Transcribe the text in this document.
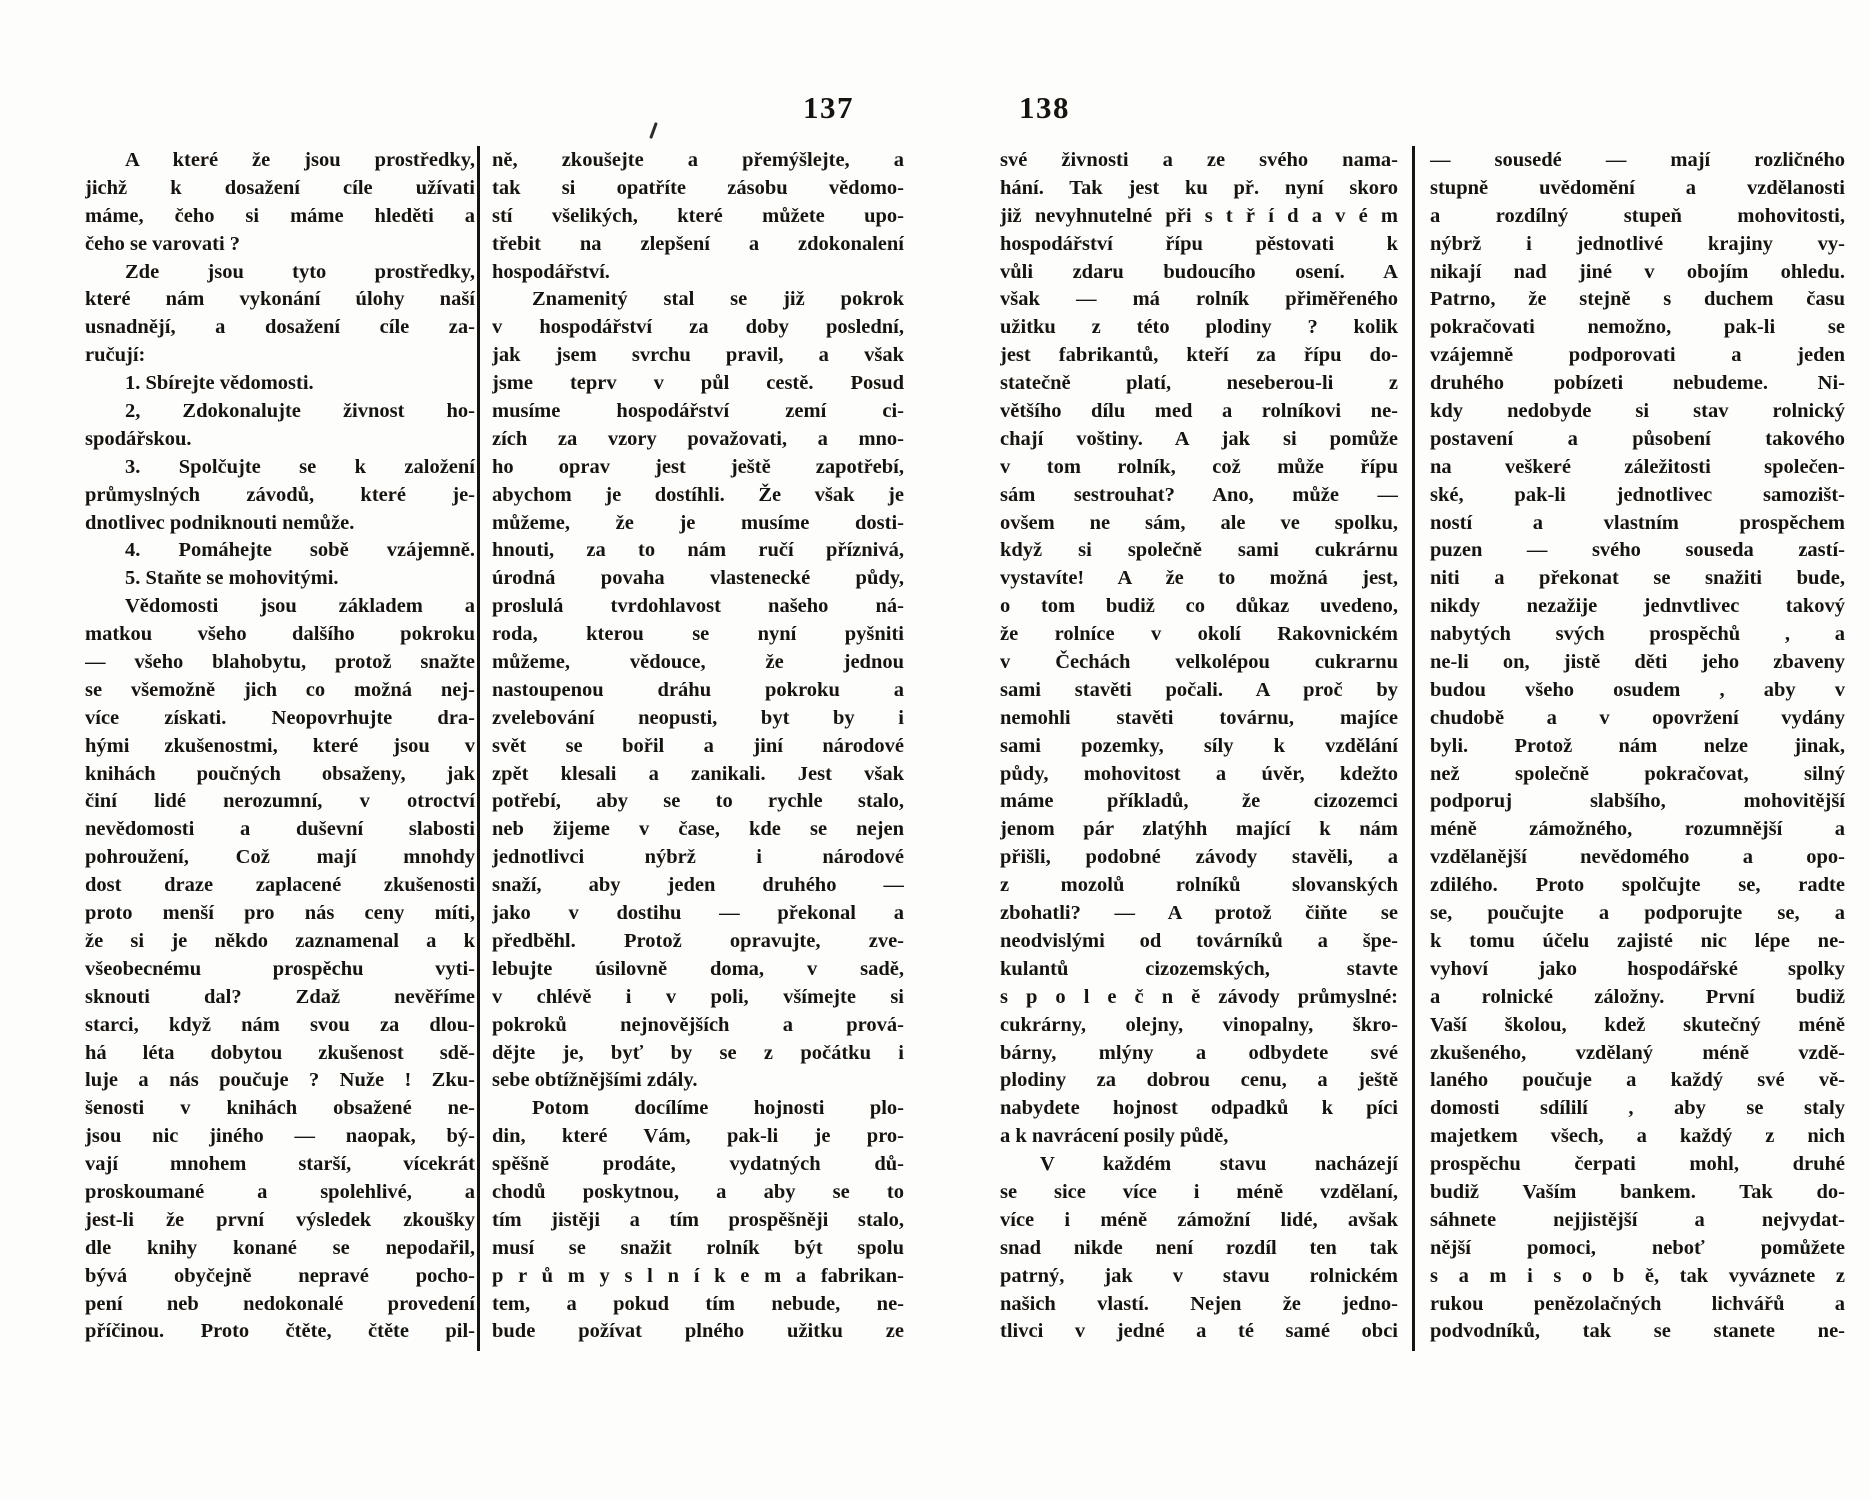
137	138
A které že jsou prostředky,
jichž k dosažení cíle užívati
máme, čeho si máme hleděti a
čeho se varovati ?
Zde jsou tyto prostředky,
které nám vykonání úlohy naší
usnadnějí, a dosažení cíle za-
ručují:
1. Sbírejte vědomosti.
2, Zdokonalujte živnost ho-
spodářskou.
3. Spolčujte se k založení
průmyslných závodů, které je-
dnotlivec podniknouti nemůže.
4. Pomáhejte sobě vzájemně.
5. Staňte se mohovitými.
Vědomosti jsou základem a
matkou všeho dalšího pokroku
— všeho blahobytu, protož snažte
se všemožně jich co možná nej-
více získati. Neopovrhujte dra-
hými zkušenostmi, které jsou v
knihách poučných obsaženy, jak
činí lidé nerozumní, v otroctví
nevědomosti a duševní slabosti
pohroužení, Což mají mnohdy
dost draze zaplacené zkušenosti
proto menší pro nás ceny míti,
že si je někdo zaznamenal a k
všeobecnému prospěchu vyti-
sknouti dal? Zdaž nevěříme
starci, když nám svou za dlou-
há léta dobytou zkušenost sdě-
luje a nás poučuje ? Nuže ! Zku-
šenosti v knihách obsažené ne-
jsou nic jiného — naopak, bý-
vají mnohem starší, vícekrát
proskoumané a spolehlivé, a
jest-li že první výsledek zkoušky
dle knihy konané se nepodařil,
bývá obyčejně nepravé pocho-
pení neb nedokonalé provedení
příčinou. Proto čtěte, čtěte pil-
ně, zkoušejte a přemýšlejte, a
tak si opatříte zásobu vědomo-
stí všelikých, které můžete upo-
třebit na zlepšení a zdokonalení
hospodářství.
Znamenitý stal se již pokrok
v hospodářství za doby poslední,
jak jsem svrchu pravil, a však
jsme teprv v půl cestě. Posud
musíme hospodářství zemí ci-
zích za vzory považovati, a mno-
ho oprav jest ještě zapotřebí,
abychom je dostíhli. Že však je
můžeme, že je musíme dosti-
hnouti, za to nám ručí příznivá,
úrodná povaha vlastenecké půdy,
proslulá tvrdohlavost našeho ná-
roda, kterou se nyní pyšniti
můžeme, vědouce, že jednou
nastoupenou dráhu pokroku a
zvelebování neopusti, byt by i
svět se bořil a jiní národové
zpět klesali a zanikali. Jest však
potřebí, aby se to rychle stalo,
neb žijeme v čase, kde se nejen
jednotlivci nýbrž i národové
snaží, aby jeden druhého —
jako v dostihu — překonal a
předběhl. Protož opravujte, zve-
lebujte úsilovně doma, v sadě,
v chlévě i v poli, všímejte si
pokroků nejnovějších a prová-
dějte je, byť by se z počátku i
sebe obtížnějšími zdály.
Potom docílíme hojnosti plo-
din, které Vám, pak-li je pro-
spěšně prodáte, vydatných dů-
chodů poskytnou, a aby se to
tím jistěji a tím prospěšněji stalo,
musí se snažit rolník být spolu
p r ů m y s l n í k e m a fabrikan-
tem, a pokud tím nebude, ne-
bude požívat plného užitku ze
své živnosti a ze svého nama-
hání. Tak jest ku př. nyní skoro
již nevyhnutelné při s t ř í d a v é m
hospodářství řípu pěstovati k
vůli zdaru budoucího osení. A
však — má rolník přiměřeného
užitku z této plodiny ? kolik
jest fabrikantů, kteří za řípu do-
statečně platí, neseberou-li z
většího dílu med a rolníkovi ne-
chají voštiny. A jak si pomůže
v tom rolník, což může řípu
sám sestrouhat? Ano, může —
ovšem ne sám, ale ve spolku,
když si společně sami cukrárnu
vystavíte! A že to možná jest,
o tom budiž co důkaz uvedeno,
že rolníce v okolí Rakovnickém
v Čechách velkolépou cukrarnu
sami stavěti počali. A proč by
nemohli stavěti továrnu, majíce
sami pozemky, síly k vzdělání
půdy, mohovitost a úvěr, kdežto
máme příkladů, že cizozemci
jenom pár zlatýhh mající k nám
přišli, podobné závody stavěli, a
z mozolů rolníků slovanských
zbohatli? — A protož čiňte se
neodvislými od továrníků a špe-
kulantů cizozemských, stavte
s p o l e č n ě závody průmyslné:
cukrárny, olejny, vinopalny, škro-
bárny, mlýny a odbydete své
plodiny za dobrou cenu, a ještě
nabydete hojnost odpadků k píci
a k navrácení posily půdě,
V každém stavu nacházejí
se sice více i méně vzdělaní,
více i méně zámožní lidé, avšak
snad nikde není rozdíl ten tak
patrný, jak v stavu rolnickém
našich vlastí. Nejen že jedno-
tlivci v jedné a té samé obci
— sousedé — mají rozličného
stupně uvědomění a vzdělanosti
a rozdílný stupeň mohovitosti,
nýbrž i jednotlivé krajiny vy-
nikají nad jiné v obojím ohledu.
Patrno, že stejně s duchem času
pokračovati nemožno, pak-li se
vzájemně podporovati a jeden
druhého pobízeti nebudeme. Ni-
kdy nedobyde si stav rolnický
postavení a působení takového
na veškeré záležitosti společen-
ské, pak-li jednotlivec samozišt-
ností a vlastním prospěchem
puzen — svého souseda zastí-
niti a překonat se snažiti bude,
nikdy nezažije jednvtlivec takový
nabytých svých prospěchů , a
ne-li on, jistě děti jeho zbaveny
budou všeho osudem , aby v
chudobě a v opovržení vydány
byli. Protož nám nelze jinak,
než společně pokračovat, silný
podporuj slabšího, mohovitější
méně zámožného, rozumnější a
vzdělanější nevědomého a opo-
zdilého. Proto spolčujte se, radte
se, poučujte a podporujte se, a
k tomu účelu zajisté nic lépe ne-
vyhoví jako hospodářské spolky
a rolnické záložny. První budiž
Vaší školou, kdež skutečný méně
zkušeného, vzdělaný méně vzdě-
laného poučuje a každý své vě-
domosti sdílilí , aby se staly
majetkem všech, a každý z nich
prospěchu čerpati mohl, druhé
budiž Vaším bankem. Tak do-
sáhnete nejjistější a nejvydat-
nější pomoci, neboť pomůžete
s a m i s o b ě, tak vyváznete z
rukou penězolačných lichvářů a
podvodníků, tak se stanete ne-
